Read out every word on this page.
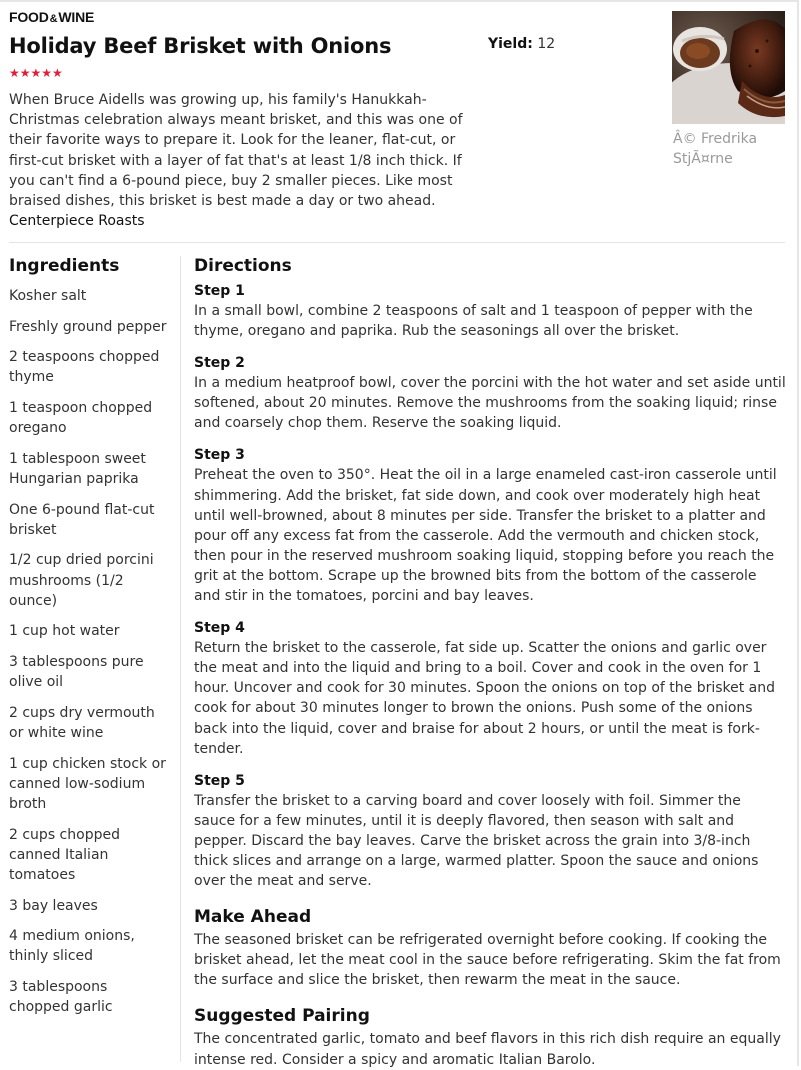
FOOD&WINE
Holiday Beef Brisket with Onions
★★★★★
When Bruce Aidells was growing up, his family's Hanukkah-Christmas celebration always meant brisket, and this was one of their favorite ways to prepare it. Look for the leaner, flat-cut, or first-cut brisket with a layer of fat that's at least 1/8 inch thick. If you can't find a 6-pound piece, buy 2 smaller pieces. Like most braised dishes, this brisket is best made a day or two ahead. Centerpiece Roasts
Yield: 12
Â© Fredrika StjÃ¤rne
Ingredients
Kosher salt
Freshly ground pepper
2 teaspoons chopped thyme
1 teaspoon chopped oregano
1 tablespoon sweet Hungarian paprika
One 6-pound flat-cut brisket
1/2 cup dried porcini mushrooms (1/2 ounce)
1 cup hot water
3 tablespoons pure olive oil
2 cups dry vermouth or white wine
1 cup chicken stock or canned low-sodium broth
2 cups chopped canned Italian tomatoes
3 bay leaves
4 medium onions, thinly sliced
3 tablespoons chopped garlic
Directions
Step 1

In a small bowl, combine 2 teaspoons of salt and 1 teaspoon of pepper with the thyme, oregano and paprika. Rub the seasonings all over the brisket.

Step 2

In a medium heatproof bowl, cover the porcini with the hot water and set aside until softened, about 20 minutes. Remove the mushrooms from the soaking liquid; rinse and coarsely chop them. Reserve the soaking liquid.

Step 3

Preheat the oven to 350°. Heat the oil in a large enameled cast-iron casserole until shimmering. Add the brisket, fat side down, and cook over moderately high heat until well-browned, about 8 minutes per side. Transfer the brisket to a platter and pour off any excess fat from the casserole. Add the vermouth and chicken stock, then pour in the reserved mushroom soaking liquid, stopping before you reach the grit at the bottom. Scrape up the browned bits from the bottom of the casserole and stir in the tomatoes, porcini and bay leaves.

Step 4

Return the brisket to the casserole, fat side up. Scatter the onions and garlic over the meat and into the liquid and bring to a boil. Cover and cook in the oven for 1 hour. Uncover and cook for 30 minutes. Spoon the onions on top of the brisket and cook for about 30 minutes longer to brown the onions. Push some of the onions back into the liquid, cover and braise for about 2 hours, or until the meat is fork-tender.

Step 5

Transfer the brisket to a carving board and cover loosely with foil. Simmer the sauce for a few minutes, until it is deeply flavored, then season with salt and pepper. Discard the bay leaves. Carve the brisket across the grain into 3/8-inch thick slices and arrange on a large, warmed platter. Spoon the sauce and onions over the meat and serve.

Make Ahead

The seasoned brisket can be refrigerated overnight before cooking. If cooking the brisket ahead, let the meat cool in the sauce before refrigerating. Skim the fat from the surface and slice the brisket, then rewarm the meat in the sauce.

Suggested Pairing

The concentrated garlic, tomato and beef flavors in this rich dish require an equally intense red. Consider a spicy and aromatic Italian Barolo.
